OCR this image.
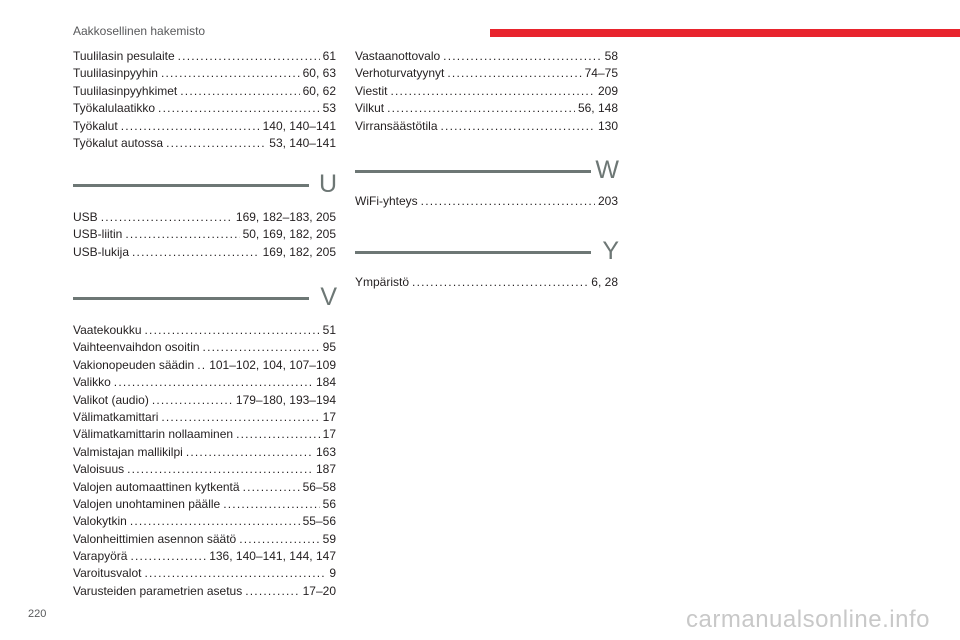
Aakkosellinen hakemisto
Tuulilasin pesulaite .....	61
Tuulilasinpyyhin .....	60, 63
Tuulilasinpyyhkimet .....	60, 62
Työkalulaatikko .....	53
Työkalut .....	140, 140–141
Työkalut autossa .....	53, 140–141
U
USB .....	169, 182–183, 205
USB-liitin .....	50, 169, 182, 205
USB-lukija .....	169, 182, 205
V
Vaatekoukku .....	51
Vaihteenvaihdon osoitin .....	95
Vakionopeuden säädin ..... 101–102, 104, 107–109
Valikko .....	184
Valikot (audio) .....	179–180, 193–194
Välimatkamittari .....	17
Välimatkamittarin nollaaminen .....	17
Valmistajan mallikilpi .....	163
Valoisuus .....	187
Valojen automaattinen kytkentä .....	56–58
Valojen unohtaminen päälle .....	56
Valokytkin .....	55–56
Valonheittimien asennon säätö .....	59
Varapyörä .....	136, 140–141, 144, 147
Varoitusvalot .....	9
Varusteiden parametrien asetus .....	17–20
Vastaanottovalo .....	58
Verhoturvatyynyt .....	74–75
Viestit .....	209
Vilkut .....	56, 148
Virransäästötila .....	130
W
WiFi-yhteys .....	203
Y
Ympäristö .....	6, 28
220	carmanualsonline.info
